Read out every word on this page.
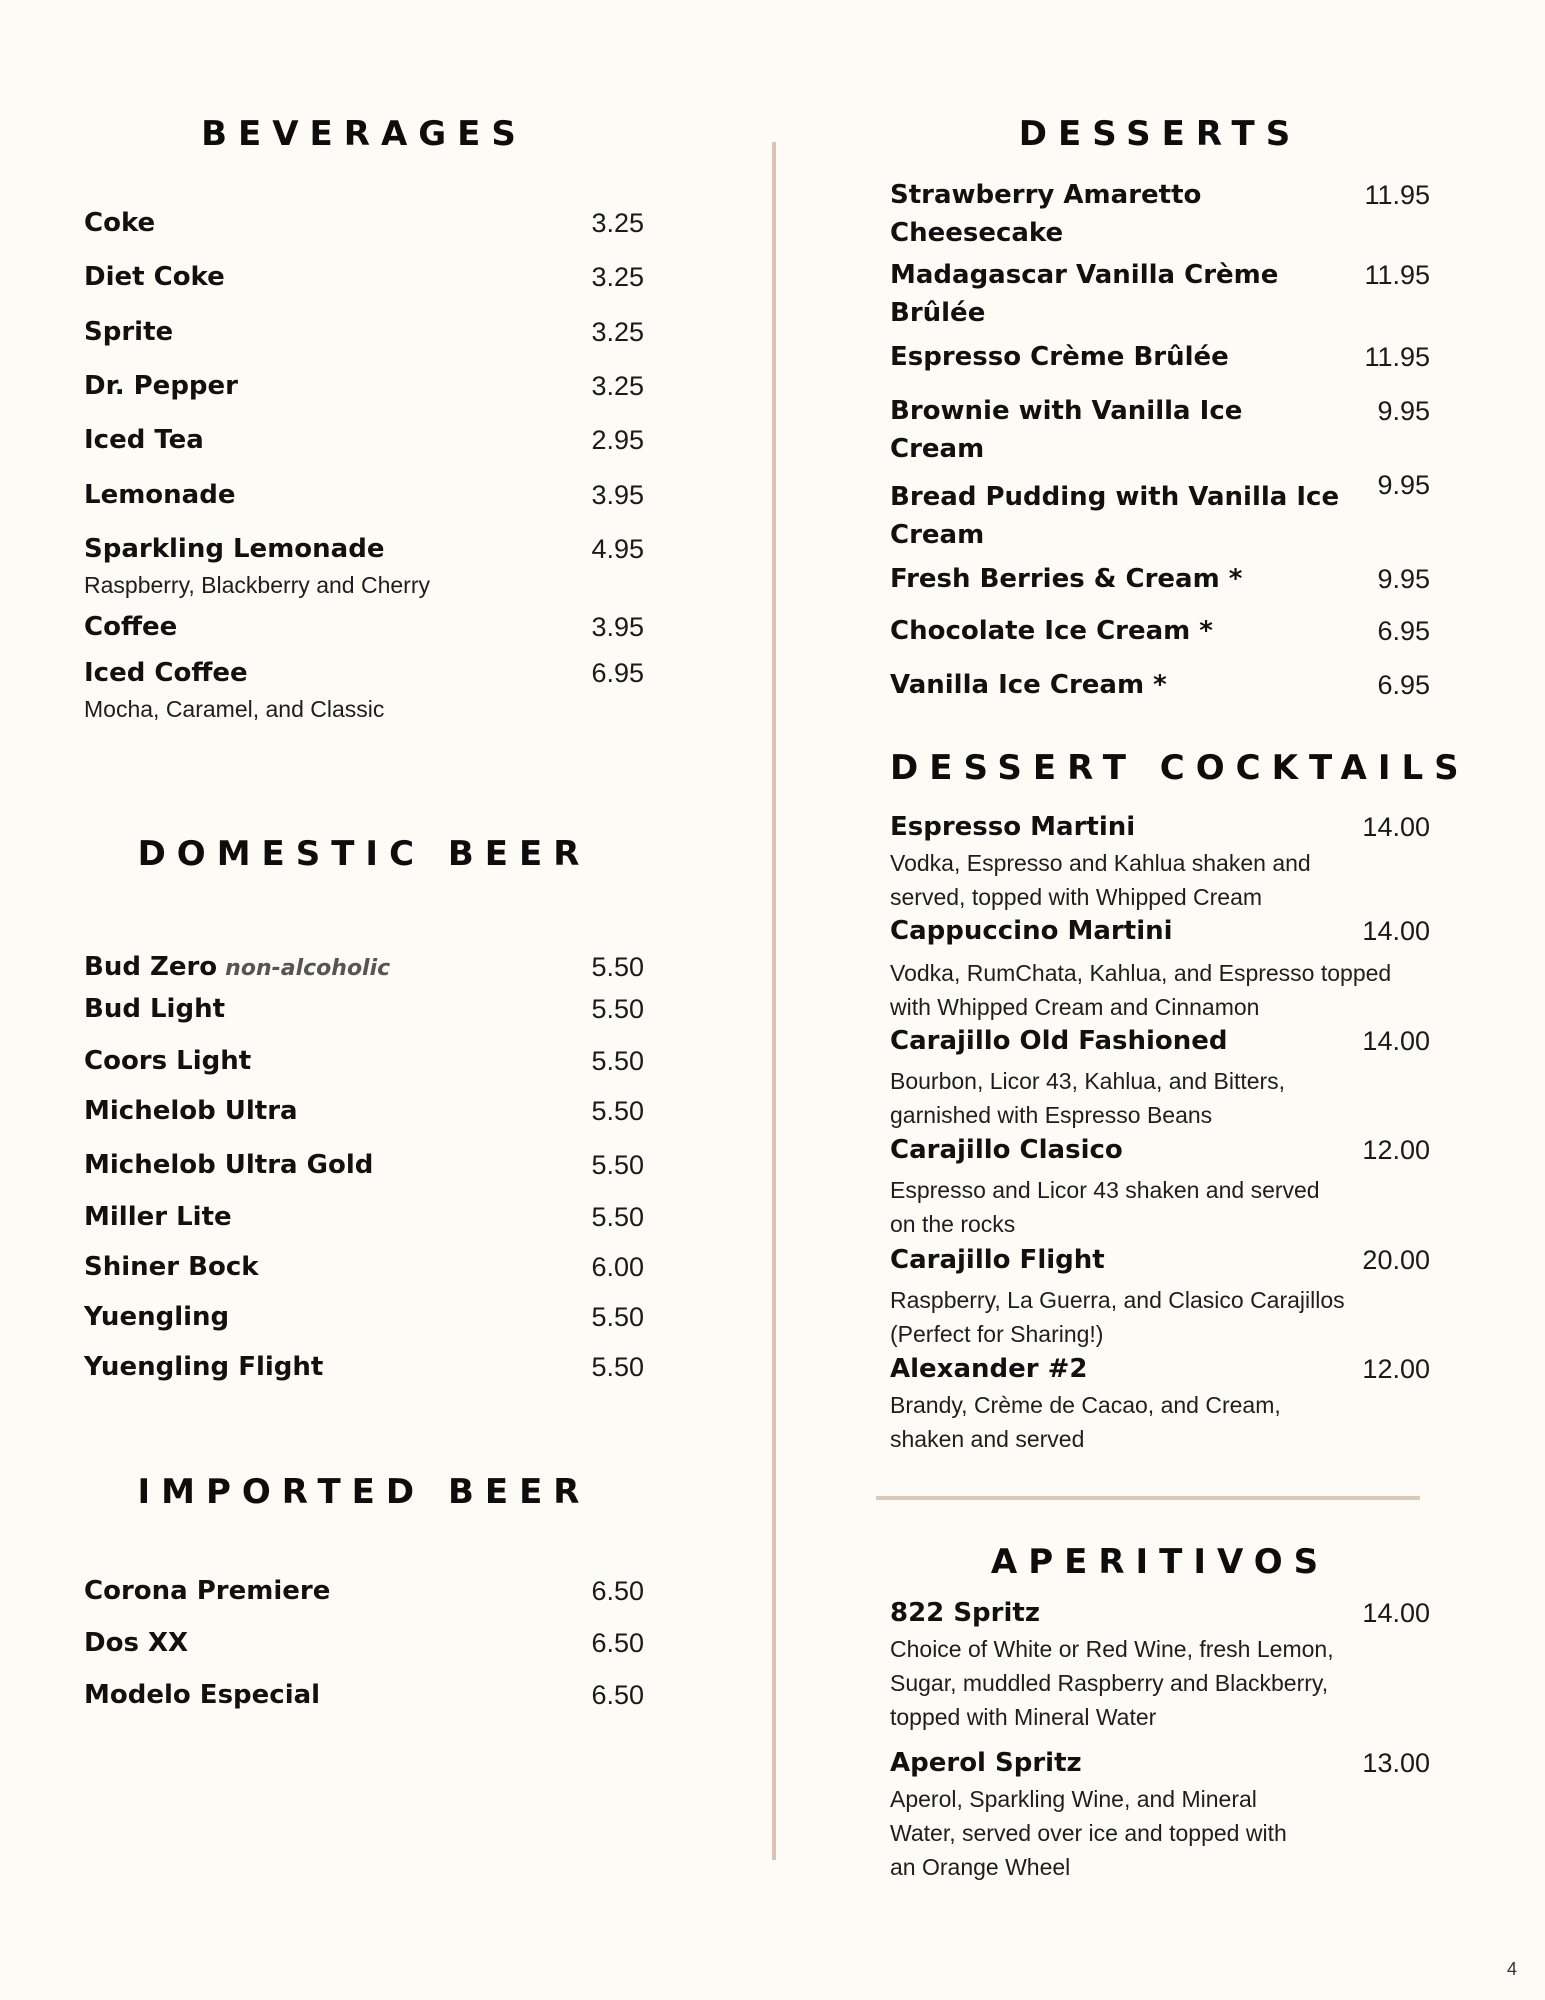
BEVERAGES
Coke	3.25
Diet Coke	3.25
Sprite	3.25
Dr. Pepper	3.25
Iced Tea	2.95
Lemonade	3.95
Sparkling Lemonade	4.95
Raspberry, Blackberry and Cherry
Coffee	3.95
Iced Coffee	6.95
Mocha, Caramel, and Classic
DOMESTIC BEER
Bud Zero non-alcoholic	5.50
Bud Light	5.50
Coors Light	5.50
Michelob Ultra	5.50
Michelob Ultra Gold	5.50
Miller Lite	5.50
Shiner Bock	6.00
Yuengling	5.50
Yuengling Flight	5.50
IMPORTED BEER
Corona Premiere	6.50
Dos XX	6.50
Modelo Especial	6.50
DESSERTS
Strawberry Amaretto
Cheesecake
11.95
Madagascar Vanilla Crème
Brûlée
11.95
Espresso Crème Brûlée	11.95
Brownie with Vanilla Ice
Cream
9.95
Bread Pudding with Vanilla Ice
Cream
9.95
Fresh Berries & Cream *	9.95
Chocolate Ice Cream *	6.95
Vanilla Ice Cream *	6.95
DESSERT COCKTAILS
Espresso Martini	14.00
Vodka, Espresso and Kahlua shaken and
served, topped with Whipped Cream
Cappuccino Martini	14.00
Vodka, RumChata, Kahlua, and Espresso topped
with Whipped Cream and Cinnamon
Carajillo Old Fashioned	14.00
Bourbon, Licor 43, Kahlua, and Bitters,
garnished with Espresso Beans
Carajillo Clasico	12.00
Espresso and Licor 43 shaken and served
on the rocks
Carajillo Flight	20.00
Raspberry, La Guerra, and Clasico Carajillos
(Perfect for Sharing!)
Alexander #2	12.00
Brandy, Crème de Cacao, and Cream,
shaken and served
APERITIVOS
822 Spritz	14.00
Choice of White or Red Wine, fresh Lemon,
Sugar, muddled Raspberry and Blackberry,
topped with Mineral Water
Aperol Spritz	13.00
Aperol, Sparkling Wine, and Mineral
Water, served over ice and topped with
an Orange Wheel
4
